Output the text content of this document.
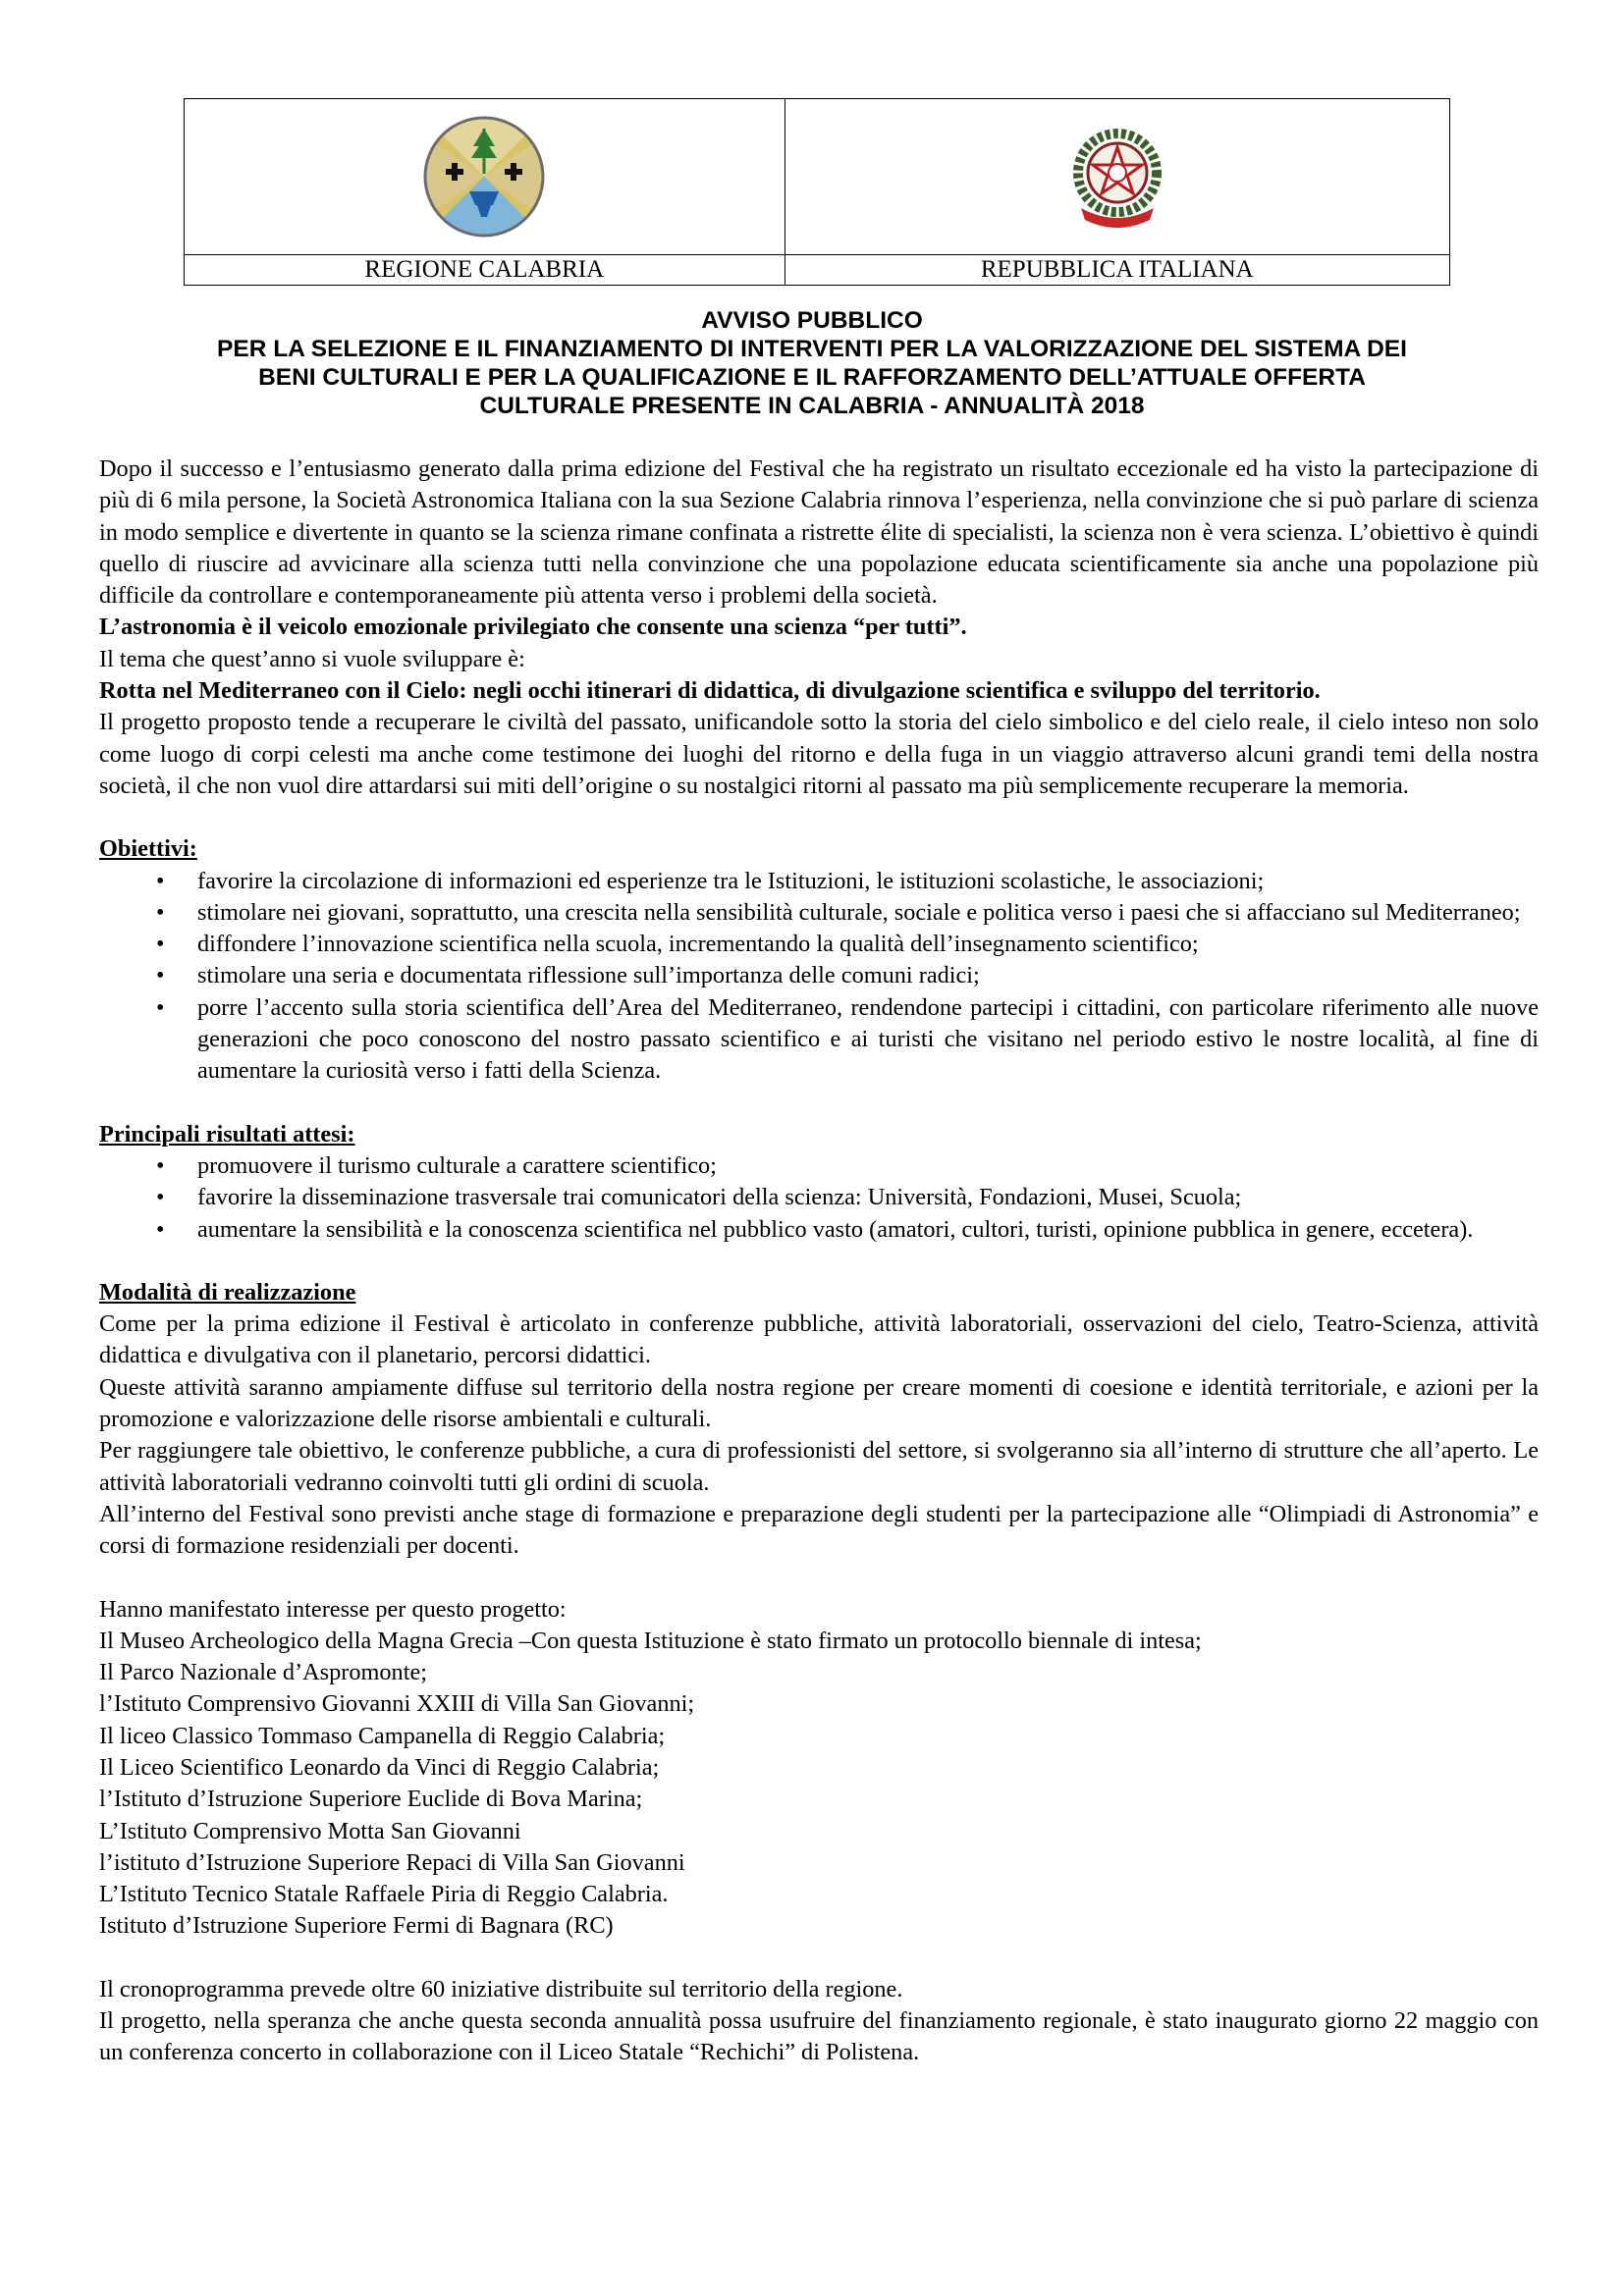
REGIONE CALABRIA	REPUBBLICA ITALIANA
AVVISO PUBBLICO
PER LA SELEZIONE E IL FINANZIAMENTO DI INTERVENTI PER LA VALORIZZAZIONE DEL SISTEMA DEI
BENI CULTURALI E PER LA QUALIFICAZIONE E IL RAFFORZAMENTO DELL’ATTUALE OFFERTA
CULTURALE PRESENTE IN CALABRIA - ANNUALITÀ 2018

Dopo il successo e l’entusiasmo generato dalla prima edizione del Festival che ha registrato un risultato eccezionale ed ha visto la partecipazione di più di 6 mila persone, la Società Astronomica Italiana con la sua Sezione Calabria rinnova l’esperienza, nella convinzione che si può parlare di scienza in modo semplice e divertente in quanto se la scienza rimane confinata a ristrette élite di specialisti, la scienza non è vera scienza. L’obiettivo è quindi quello di riuscire ad avvicinare alla scienza tutti nella convinzione che una popolazione educata scientificamente sia anche una popolazione più difficile da controllare e contemporaneamente più attenta verso i problemi della società.

L’astronomia è il veicolo emozionale privilegiato che consente una scienza “per tutti”.

Il tema che quest’anno si vuole sviluppare è:

Rotta nel Mediterraneo con il Cielo: negli occhi itinerari di didattica, di divulgazione scientifica e sviluppo del territorio.

Il progetto proposto tende a recuperare le civiltà del passato, unificandole sotto la storia del cielo simbolico e del cielo reale, il cielo inteso non solo come luogo di corpi celesti ma anche come testimone dei luoghi del ritorno e della fuga in un viaggio attraverso alcuni grandi temi della nostra società, il che non vuol dire attardarsi sui miti dell’origine o su nostalgici ritorni al passato ma più semplicemente recuperare la memoria.

Obiettivi:

• favorire la circolazione di informazioni ed esperienze tra le Istituzioni, le istituzioni scolastiche, le associazioni;
• stimolare nei giovani, soprattutto, una crescita nella sensibilità culturale, sociale e politica verso i paesi che si affacciano sul Mediterraneo;
• diffondere l’innovazione scientifica nella scuola, incrementando la qualità dell’insegnamento scientifico;
• stimolare una seria e documentata riflessione sull’importanza delle comuni radici;
• porre l’accento sulla storia scientifica dell’Area del Mediterraneo, rendendone partecipi i cittadini, con particolare riferimento alle nuove generazioni che poco conoscono del nostro passato scientifico e ai turisti che visitano nel periodo estivo le nostre località, al fine di aumentare la curiosità verso i fatti della Scienza.

Principali risultati attesi:

• promuovere il turismo culturale a carattere scientifico;
• favorire la disseminazione trasversale trai comunicatori della scienza: Università, Fondazioni, Musei, Scuola;
• aumentare la sensibilità e la conoscenza scientifica nel pubblico vasto (amatori, cultori, turisti, opinione pubblica in genere, eccetera).

Modalità di realizzazione

Come per la prima edizione il Festival è articolato in conferenze pubbliche, attività laboratoriali, osservazioni del cielo, Teatro-Scienza, attività didattica e divulgativa con il planetario, percorsi didattici.

Queste attività saranno ampiamente diffuse sul territorio della nostra regione per creare momenti di coesione e identità territoriale, e azioni per la promozione e valorizzazione delle risorse ambientali e culturali.

Per raggiungere tale obiettivo, le conferenze pubbliche, a cura di professionisti del settore, si svolgeranno sia all’interno di strutture che all’aperto. Le attività laboratoriali vedranno coinvolti tutti gli ordini di scuola.

All’interno del Festival sono previsti anche stage di formazione e preparazione degli studenti per la partecipazione alle “Olimpiadi di Astronomia” e corsi di formazione residenziali per docenti.

Hanno manifestato interesse per questo progetto:

Il Museo Archeologico della Magna Grecia –Con questa Istituzione è stato firmato un protocollo biennale di intesa;

Il Parco Nazionale d’Aspromonte;

l’Istituto Comprensivo Giovanni XXIII di Villa San Giovanni;

Il liceo Classico Tommaso Campanella di Reggio Calabria;

Il Liceo Scientifico Leonardo da Vinci di Reggio Calabria;

l’Istituto d’Istruzione Superiore Euclide di Bova Marina;

L’Istituto Comprensivo Motta San Giovanni

l’istituto d’Istruzione Superiore Repaci di Villa San Giovanni

L’Istituto Tecnico Statale Raffaele Piria di Reggio Calabria.

Istituto d’Istruzione Superiore Fermi di Bagnara (RC)

Il cronoprogramma prevede oltre 60 iniziative distribuite sul territorio della regione.

Il progetto, nella speranza che anche questa seconda annualità possa usufruire del finanziamento regionale, è stato inaugurato giorno 22 maggio con un conferenza concerto in collaborazione con il Liceo Statale “Rechichi” di Polistena.
